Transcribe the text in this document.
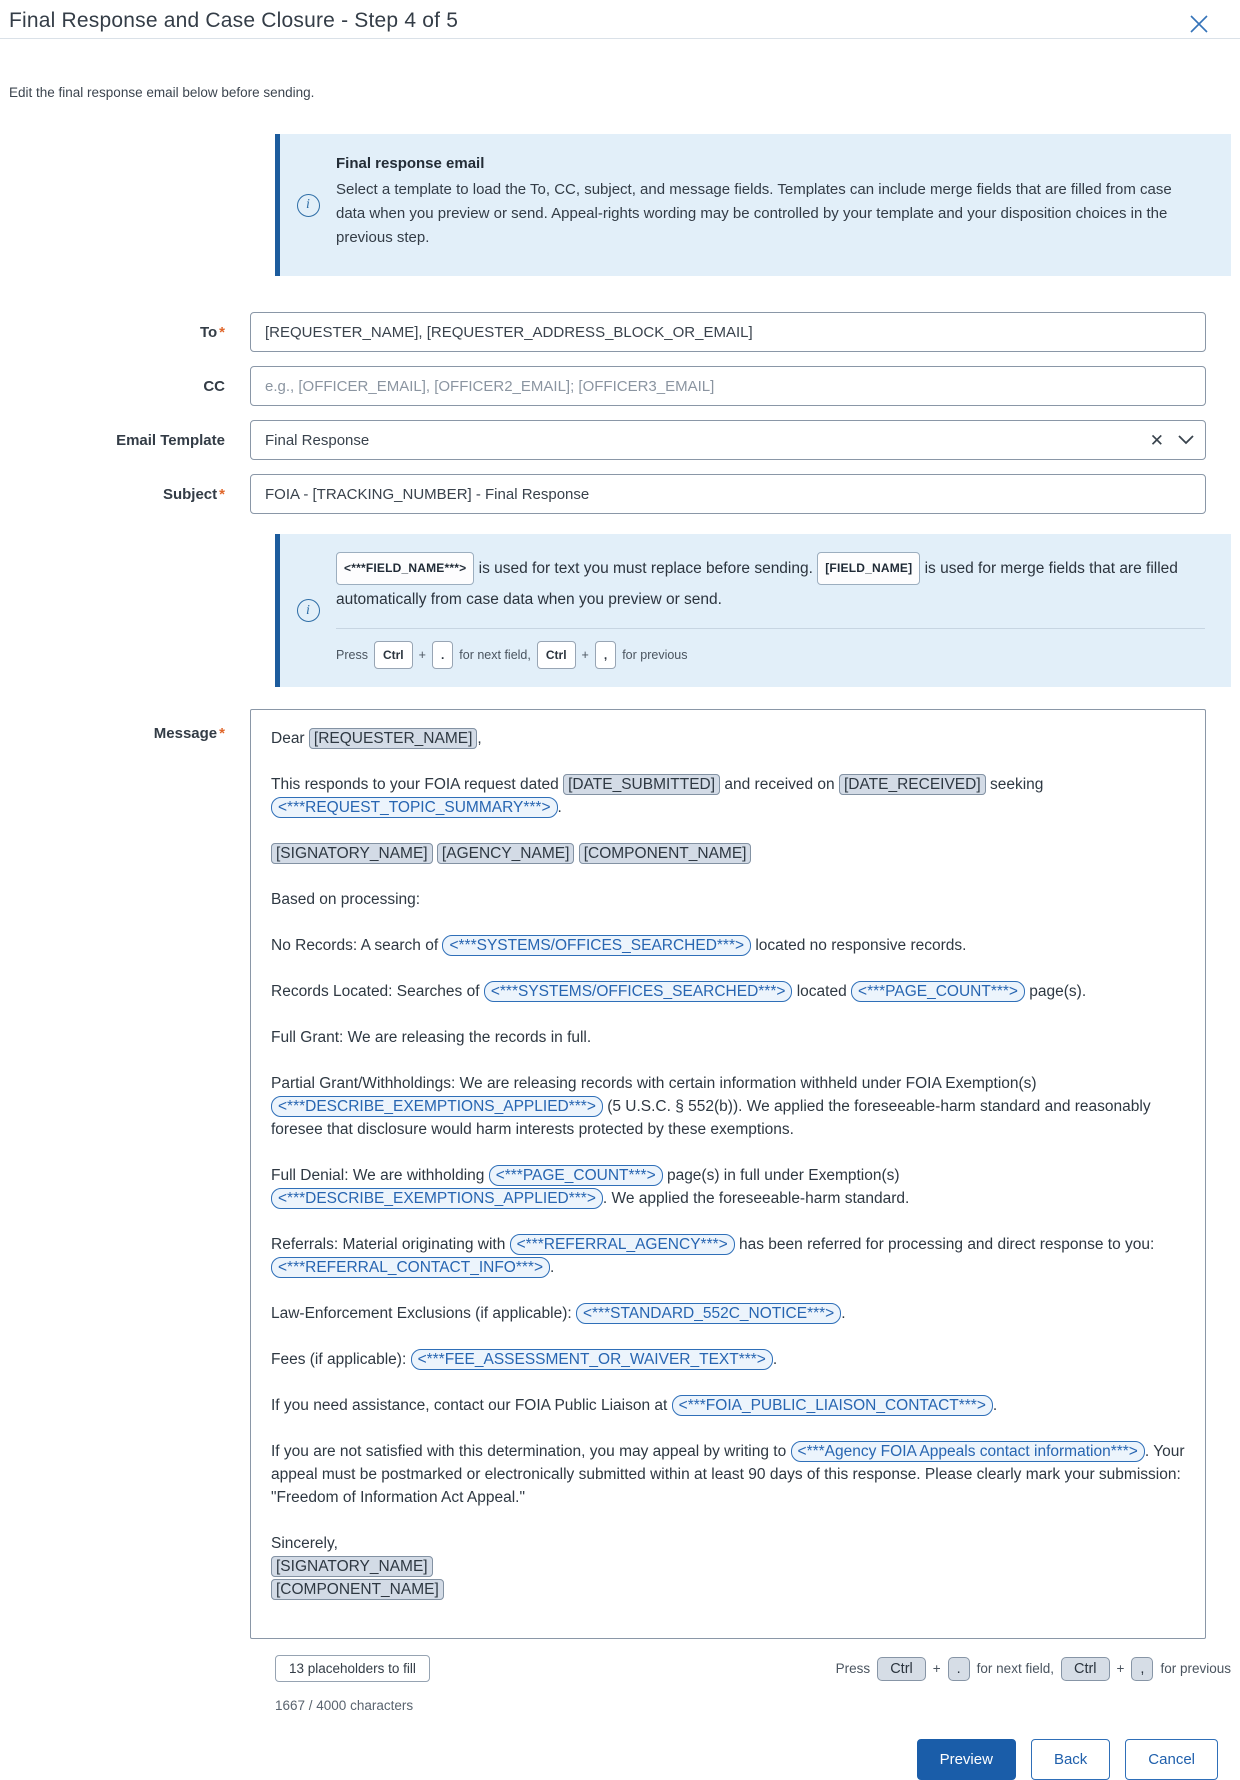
Final Response and Case Closure - Step 4 of 5
Edit the final response email below before sending.
i
Final response email
Select a template to load the To, CC, subject, and message fields. Templates can include merge fields that are filled from case data when you preview or send. Appeal-rights wording may be controlled by your template and your disposition choices in the previous step.
To *
[REQUESTER_NAME], [REQUESTER_ADDRESS_BLOCK_OR_EMAIL]
CC
e.g., [OFFICER_EMAIL], [OFFICER2_EMAIL]; [OFFICER3_EMAIL]
Email Template
Final Response	✕
Subject *
FOIA - [TRACKING_NUMBER] - Final Response
i
<***FIELD_NAME***> is used for text you must replace before sending. [FIELD_NAME] is used for merge fields that are filled automatically from case data when you preview or send.
Press	Ctrl	+	.	for next field,	Ctrl	+	,	for previous
Message *	Dear [REQUESTER_NAME] ,
This responds to your FOIA request dated [DATE_SUBMITTED] and received on [DATE_RECEIVED] seeking <***REQUEST_TOPIC_SUMMARY***> .
[SIGNATORY_NAME] [AGENCY_NAME] [COMPONENT_NAME]
Based on processing:
No Records: A search of <***SYSTEMS/OFFICES_SEARCHED***> located no responsive records.
Records Located: Searches of <***SYSTEMS/OFFICES_SEARCHED***> located <***PAGE_COUNT***> page(s).
Full Grant: We are releasing the records in full.
Partial Grant/Withholdings: We are releasing records with certain information withheld under FOIA Exemption(s) <***DESCRIBE_EXEMPTIONS_APPLIED***> (5 U.S.C. § 552(b)). We applied the foreseeable-harm standard and reasonably foresee that disclosure would harm interests protected by these exemptions.
Full Denial: We are withholding <***PAGE_COUNT***> page(s) in full under Exemption(s) <***DESCRIBE_EXEMPTIONS_APPLIED***> . We applied the foreseeable-harm standard.
Referrals: Material originating with <***REFERRAL_AGENCY***> has been referred for processing and direct response to you: <***REFERRAL_CONTACT_INFO***> .
Law-Enforcement Exclusions (if applicable): <***STANDARD_552C_NOTICE***> .
Fees (if applicable): <***FEE_ASSESSMENT_OR_WAIVER_TEXT***> .
If you need assistance, contact our FOIA Public Liaison at <***FOIA_PUBLIC_LIAISON_CONTACT***> .
If you are not satisfied with this determination, you may appeal by writing to <***Agency FOIA Appeals contact information***> . Your appeal must be postmarked or electronically submitted within at least 90 days of this response. Please clearly mark your submission: "Freedom of Information Act Appeal."
Sincerely,
[SIGNATORY_NAME]
[COMPONENT_NAME]
13 placeholders to fill	Press	Ctrl	+	.	for next field,	Ctrl	+	,	for previous
1667 / 4000 characters
Preview	Back	Cancel
